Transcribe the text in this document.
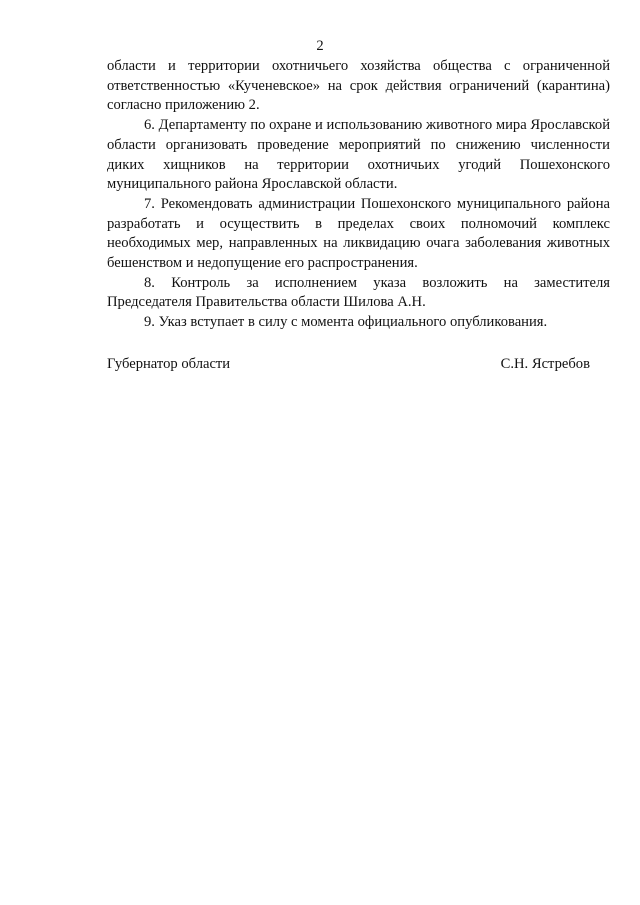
2

области и территории охотничьего хозяйства общества с ограниченной ответственностью «Кученевское» на срок действия ограничений (карантина) согласно приложению 2.

6. Департаменту по охране и использованию животного мира Ярославской области организовать проведение мероприятий по снижению численности диких хищников на территории охотничьих угодий Пошехонского муниципального района Ярославской области.

7. Рекомендовать администрации Пошехонского муниципального района разработать и осуществить в пределах своих полномочий комплекс необходимых мер, направленных на ликвидацию очага заболевания животных бешенством и недопущение его распространения.

8. Контроль за исполнением указа возложить на заместителя Председателя Правительства области Шилова А.Н.

9. Указ вступает в силу с момента официального опубликования.

Губернатор области	С.Н. Ястребов
